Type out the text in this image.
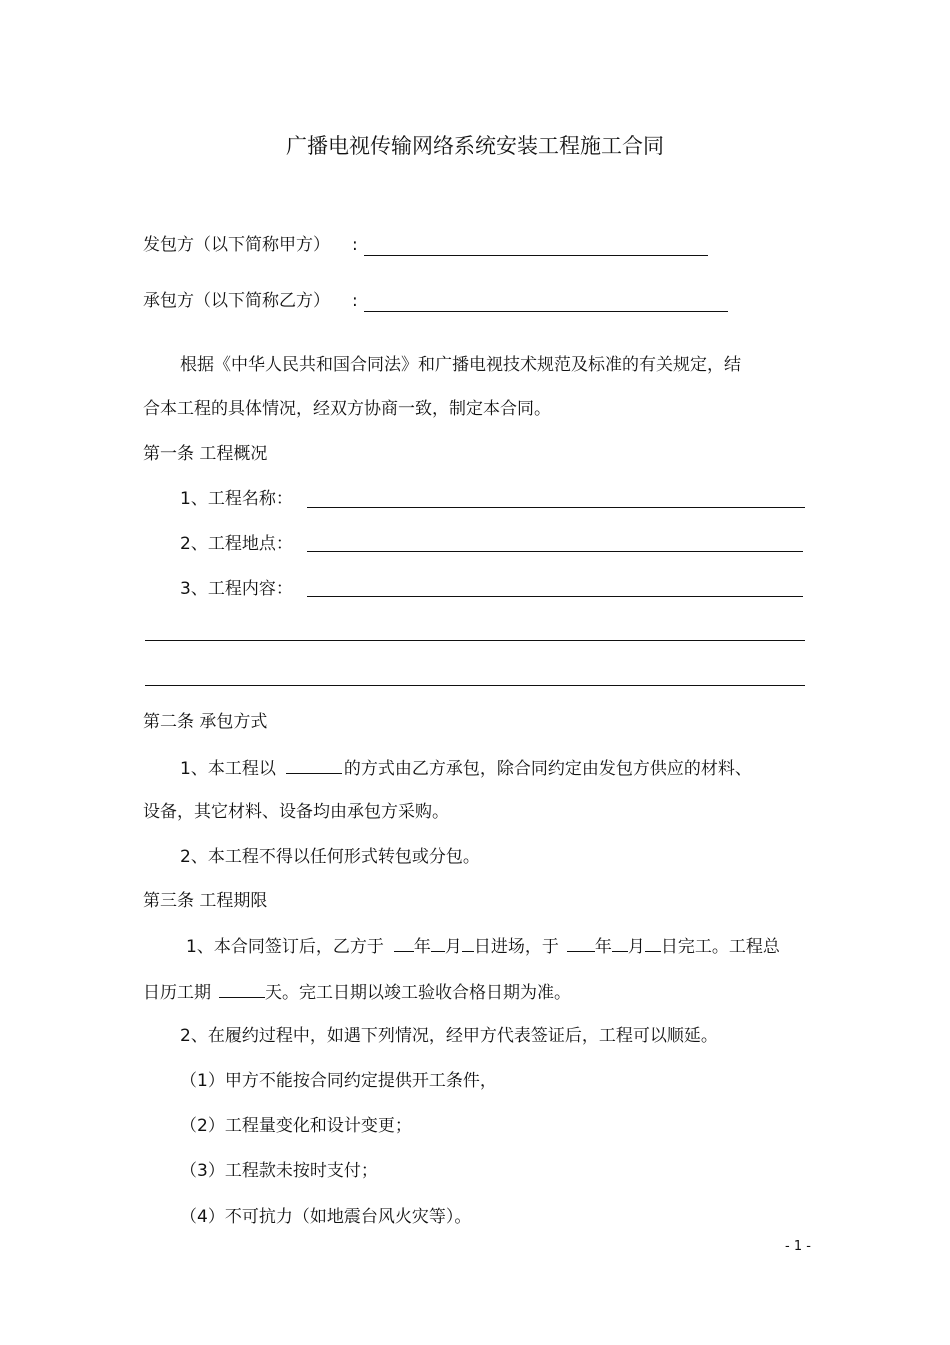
广播电视传输网络系统安装工程施工合同
发包方（以下简称甲方） :
承包方（以下简称乙方） :
根据《中华人民共和国合同法》和广播电视技术规范及标准的有关规定，结
合本工程的具体情况，经双方协商一致，制定本合同。
第一条 工程概况
1、工程名称：
2、工程地点：
3、工程内容：
第二条 承包方式
1、本工程以	的方式由乙方承包，除合同约定由发包方供应的材料、
设备，其它材料、设备均由承包方采购。
2、本工程不得以任何形式转包或分包。
第三条 工程期限
1、本合同签订后，乙方于 年 月 日进场，于 年 月 日完工。工程总
日历工期	天。完工日期以竣工验收合格日期为准。
2、在履约过程中，如遇下列情况，经甲方代表签证后，工程可以顺延。
（1）甲方不能按合同约定提供开工条件，
（2）工程量变化和设计变更；
（3）工程款未按时支付；
（4）不可抗力（如地震台风火灾等）。
- 1 -
